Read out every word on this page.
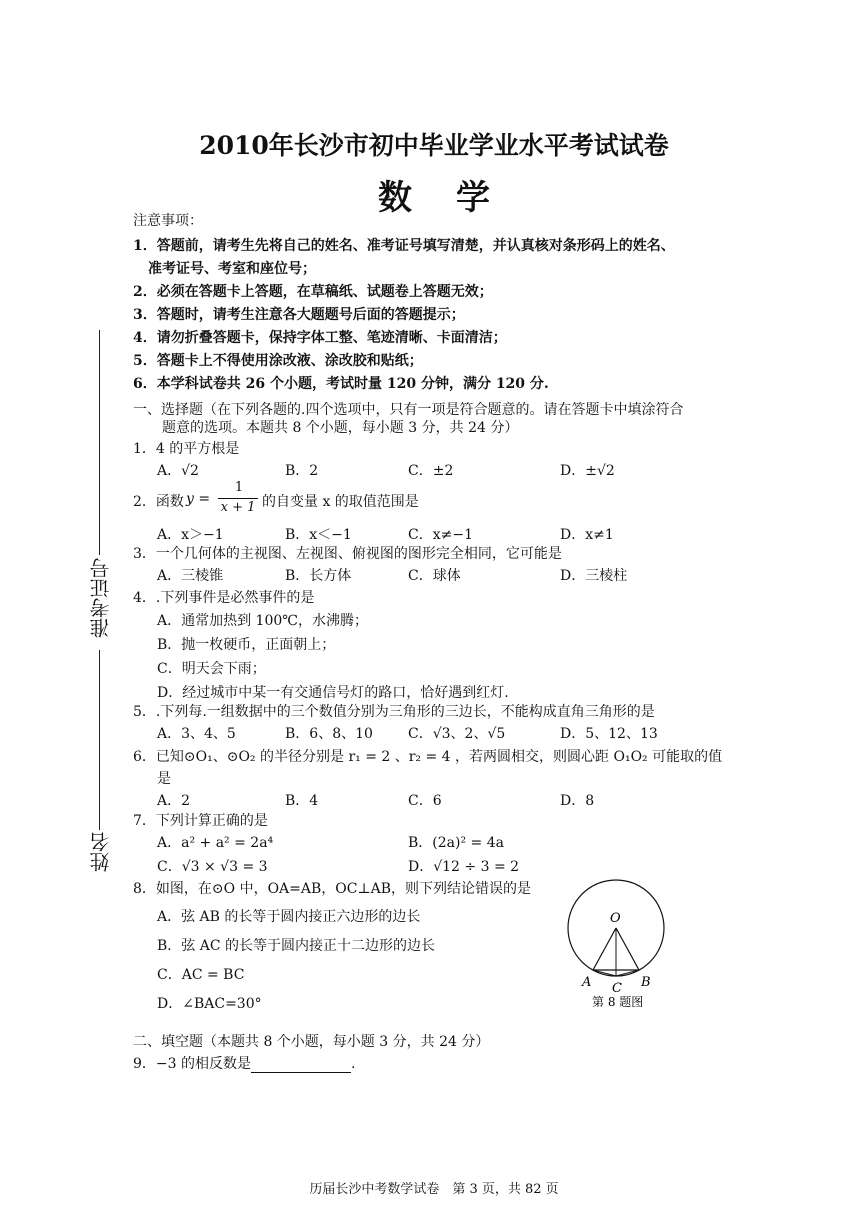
2010年长沙市初中毕业学业水平考试试卷
数学
注意事项：
1．答题前，请考生先将自己的姓名、准考证号填写清楚，并认真核对条形码上的姓名、
准考证号、考室和座位号；
2．必须在答题卡上答题，在草稿纸、试题卷上答题无效；
3．答题时，请考生注意各大题题号后面的答题提示；
4．请勿折叠答题卡，保持字体工整、笔迹清晰、卡面清洁；
5．答题卡上不得使用涂改液、涂改胶和贴纸；
6．本学科试卷共 26 个小题，考试时量 120 分钟，满分 120 分.
准考证号
姓名
一、选择题（在下列各题的.四个选项中，只有一项是符合题意的。请在答题卡中填涂符合
题意的选项。本题共 8 个小题，每小题 3 分，共 24 分）
1．4 的平方根是
A．√2	B．2	C．±2	D．±√2
2．函数 y =
1
x + 1 的自变量 x 的取值范围是
A．x＞−1	B．x＜−1	C．x≠−1	D．x≠1
3．一个几何体的主视图、左视图、俯视图的图形完全相同，它可能是
A．三棱锥	B．长方体	C．球体	D．三棱柱
4．.下列事件是必然事件的是
A．通常加热到 100℃，水沸腾；
B．抛一枚硬币，正面朝上；
C．明天会下雨；
D．经过城市中某一有交通信号灯的路口，恰好遇到红灯.
5．.下列每.一组数据中的三个数值分别为三角形的三边长，不能构成直角三角形的是
A．3、4、5	B．6、8、10	C．√3、2、√5	D．5、12、13
6．已知⊙O₁、⊙O₂ 的半径分别是 r₁ = 2 、r₂ = 4 ，若两圆相交，则圆心距 O₁O₂ 可能取的值
是
A．2	B．4	C．6	D．8
7．下列计算正确的是
A．a² + a² = 2a⁴	B．(2a)² = 4a
C．√3 × √3 = 3	D．√12 ÷ 3 = 2
8．如图，在⊙O 中，OA=AB，OC⊥AB，则下列结论错误的是
A．弦 AB 的长等于圆内接正六边形的边长
B．弦 AC 的长等于圆内接正十二边形的边长
C．AC = BC
D．∠BAC=30°
O
A	B
C
第 8 题图
二、填空题（本题共 8 个小题，每小题 3 分，共 24 分）
9．−3 的相反数是	.
历届长沙中考数学试卷　第 3 页，共 82 页
